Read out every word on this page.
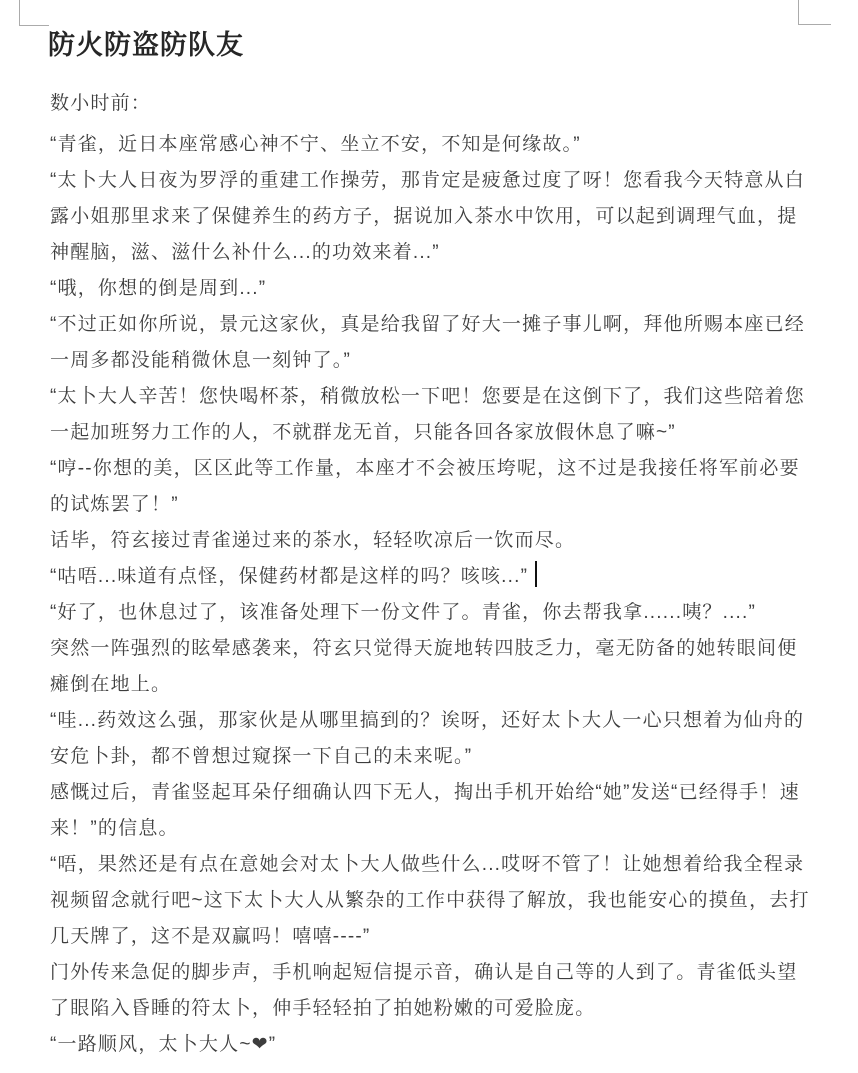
防火防盗防队友

数小时前：

“青雀，近日本座常感心神不宁、坐立不安，不知是何缘故。”

“太卜大人日夜为罗浮的重建工作操劳，那肯定是疲惫过度了呀！您看我今天特意从白露小姐那里求来了保健养生的药方子，据说加入茶水中饮用，可以起到调理气血，提神醒脑，滋、滋什么补什么...的功效来着...”

“哦，你想的倒是周到...”

“不过正如你所说，景元这家伙，真是给我留了好大一摊子事儿啊，拜他所赐本座已经一周多都没能稍微休息一刻钟了。”

“太卜大人辛苦！您快喝杯茶，稍微放松一下吧！您要是在这倒下了，我们这些陪着您一起加班努力工作的人，不就群龙无首，只能各回各家放假休息了嘛~”

“哼--你想的美，区区此等工作量，本座才不会被压垮呢，这不过是我接任将军前必要的试炼罢了！”

话毕，符玄接过青雀递过来的茶水，轻轻吹凉后一饮而尽。

“咕唔...味道有点怪，保健药材都是这样的吗？咳咳...”

“好了，也休息过了，该准备处理下一份文件了。青雀，你去帮我拿......咦？....”

突然一阵强烈的眩晕感袭来，符玄只觉得天旋地转四肢乏力，毫无防备的她转眼间便瘫倒在地上。

“哇...药效这么强，那家伙是从哪里搞到的？诶呀，还好太卜大人一心只想着为仙舟的安危卜卦，都不曾想过窥探一下自己的未来呢。”

感慨过后，青雀竖起耳朵仔细确认四下无人，掏出手机开始给“她”发送“已经得手！速来！”的信息。

“唔，果然还是有点在意她会对太卜大人做些什么...哎呀不管了！让她想着给我全程录视频留念就行吧~这下太卜大人从繁杂的工作中获得了解放，我也能安心的摸鱼，去打几天牌了，这不是双赢吗！嘻嘻----”

门外传来急促的脚步声，手机响起短信提示音，确认是自己等的人到了。青雀低头望了眼陷入昏睡的符太卜，伸手轻轻拍了拍她粉嫩的可爱脸庞。

“一路顺风，太卜大人~❤”
